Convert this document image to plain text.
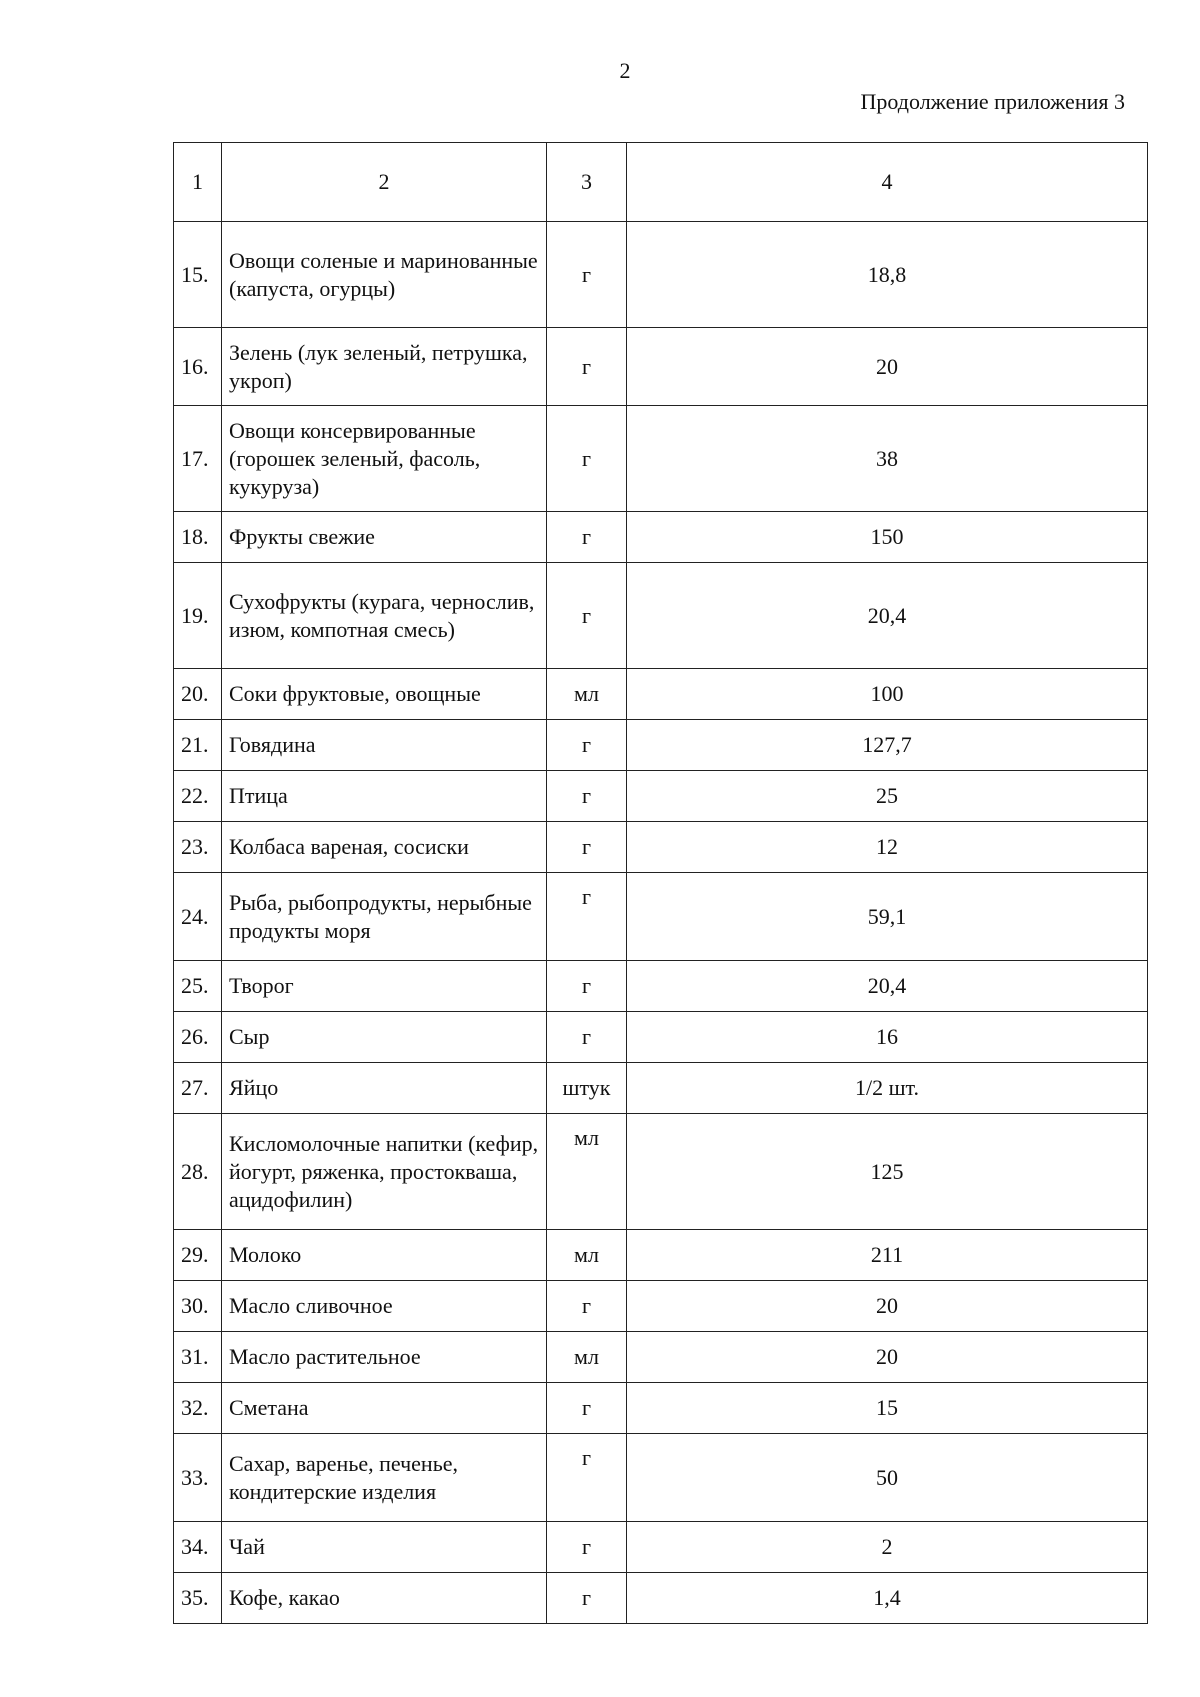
2
Продолжение приложения 3
1	2	3	4
15.	Овощи соленые и маринованные (капуста, огурцы)	г	18,8
16.	Зелень (лук зеленый, петрушка, укроп)	г	20
17.	Овощи консервированные (горошек зеленый, фасоль, кукуруза)	г	38
18.	Фрукты свежие	г	150
19.	Сухофрукты (курага, чернослив, изюм, компотная смесь)	г	20,4
20.	Соки фруктовые, овощные	мл	100
21.	Говядина	г	127,7
22.	Птица	г	25
23.	Колбаса вареная, сосиски	г	12
24.	Рыба, рыбопродукты, нерыбные продукты моря	г	59,1
25.	Творог	г	20,4
26.	Сыр	г	16
27.	Яйцо	штук	1/2 шт.
28.	Кисломолочные напитки (кефир, йогурт, ряженка, простокваша, ацидофилин)	мл	125
29.	Молоко	мл	211
30.	Масло сливочное	г	20
31.	Масло растительное	мл	20
32.	Сметана	г	15
33.	Сахар, варенье, печенье, кондитерские изделия	г	50
34.	Чай	г	2
35.	Кофе, какао	г	1,4
